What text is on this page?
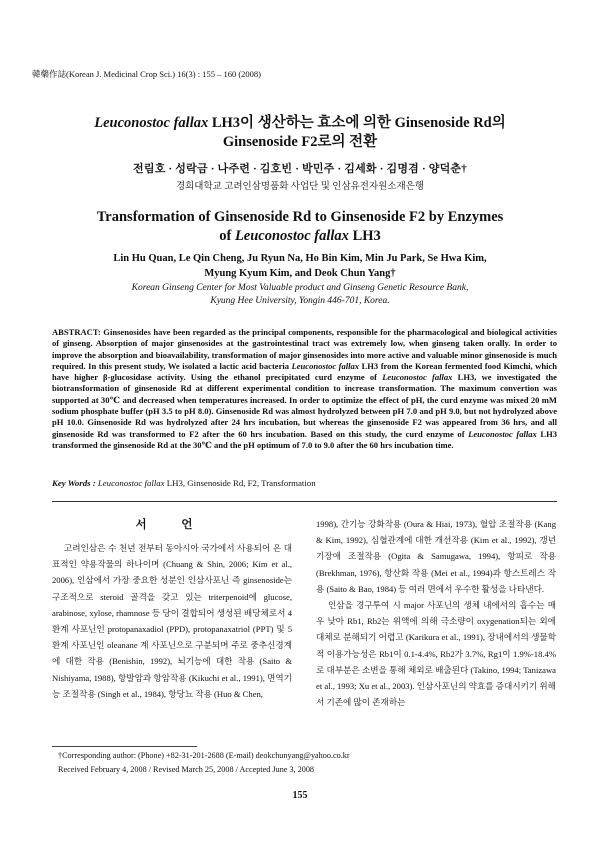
韓藥作誌(Korean J. Medicinal Crop Sci.) 16(3) : 155 – 160 (2008)
Leuconostoc fallax LH3이 생산하는 효소에 의한 Ginsenoside Rd의
Ginsenoside F2로의 전환
전림호 · 성락금 · 나주련 · 김호빈 · 박민주 · 김세화 · 김명겸 · 양덕춘†
경희대학교 고려인삼명품화 사업단 및 인삼유전자원소재은행
Transformation of Ginsenoside Rd to Ginsenoside F2 by Enzymes
of Leuconostoc fallax LH3
Lin Hu Quan, Le Qin Cheng, Ju Ryun Na, Ho Bin Kim, Min Ju Park, Se Hwa Kim,
Myung Kyum Kim, and Deok Chun Yang†
Korean Ginseng Center for Most Valuable product and Ginseng Genetic Resource Bank,
Kyung Hee University, Yongin 446-701, Korea.
ABSTRACT: Ginsenosides have been regarded as the principal components, responsible for the pharmacological and biological activities of ginseng. Absorption of major ginsenosides at the gastrointestinal tract was extremely low, when ginseng taken orally. In order to improve the absorption and bioavailability, transformation of major ginsenosides into more active and valuable minor ginsenoside is much required. In this present study, We isolated a lactic acid bacteria Leuconostoc fallax LH3 from the Korean fermented food Kimchi, which have higher β-glucosidase activity. Using the ethanol precipitated curd enzyme of Leuconostoc fallax LH3, we investigated the biotransformation of ginsenoside Rd at different experimental condition to increase transformation. The maximum convertion was supported at 30℃ and decreased when temperatures increased. In order to optimize the effect of pH, the curd enzyme was mixed 20 mM sodium phosphate buffer (pH 3.5 to pH 8.0). Ginsenoside Rd was almost hydrolyzed between pH 7.0 and pH 9.0, but not hydrolyzed above pH 10.0. Ginsenoside Rd was hydrolyzed after 24 hrs incubation, but whereas the ginsenoside F2 was appeared from 36 hrs, and all ginsenoside Rd was transformed to F2 after the 60 hrs incubation. Based on this study, the curd enzyme of Leuconostoc fallax LH3 transformed the ginsenoside Rd at the 30℃ and the pH optimum of 7.0 to 9.0 after the 60 hrs incubation time.
Key Words : Leuconostoc fallax LH3, Ginsenoside Rd, F2, Transformation
서 언

고려인삼은 수 천년 전부터 동아시아 국가에서 사용되어 온 대표적인 약용작물의 하나이며 (Chuang & Shin, 2006; Kim et al., 2006), 인삼에서 가장 중요한 성분인 인삼사포닌 즉 ginsenoside는 구조적으로 steroid 골격을 갖고 있는 triterpenoid에 glucose, arabinose, xylose, rhamnose 등 당이 결합되어 생성된 배당체로서 4환계 사포닌인 protopanaxadiol (PPD), protopanaxatriol (PPT) 및 5환계 사포닌인 oleanane 계 사포닌으로 구분되며 주로 중추신경계에 대한 작용 (Benishin, 1992), 뇌기능에 대한 작용 (Saito & Nishiyama, 1988), 항발암과 항암작용 (Kikuchi et al., 1991), 면역기능 조절작용 (Singh et al., 1984), 항당뇨 작용 (Huo & Chen,

1998), 간기능 강화작용 (Oura & Hiai, 1973), 혈압 조절작용 (Kang & Kim, 1992), 심혈관계에 대한 개선작용 (Kim et al., 1992), 갱년기장애 조절작용 (Ogita & Samugawa, 1994), 항피로 작용 (Brekhman, 1976), 항산화 작용 (Mei et al., 1994)과 항스트레스 작용 (Saito & Bao, 1984) 등 여러 면에서 우수한 활성을 나타낸다.

인삼을 경구투여 시 major 사포닌의 생체 내에서의 흡수는 매우 낮아 Rb1, Rb2는 위액에 의해 극소량이 oxygenation되는 외에 대체로 분해되기 어렵고 (Karikura et al., 1991), 장내에서의 생물학적 이용가능성은 Rb1이 0.1-4.4%, Rb2가 3.7%, Rg1이 1.9%-18.4%로 대부분은 소변을 통해 체외로 배출된다 (Takino, 1994; Tanizawa et al., 1993; Xu et al., 2003). 인삼사포닌의 약효를 증대시키기 위해서 기존에 많이 존재하는

†Corresponding author: (Phone) +82-31-201-2688 (E-mail) deokchunyang@yahoo.co.kr
Received February 4, 2008 / Revised March 25, 2008 / Accepted June 3, 2008
155
